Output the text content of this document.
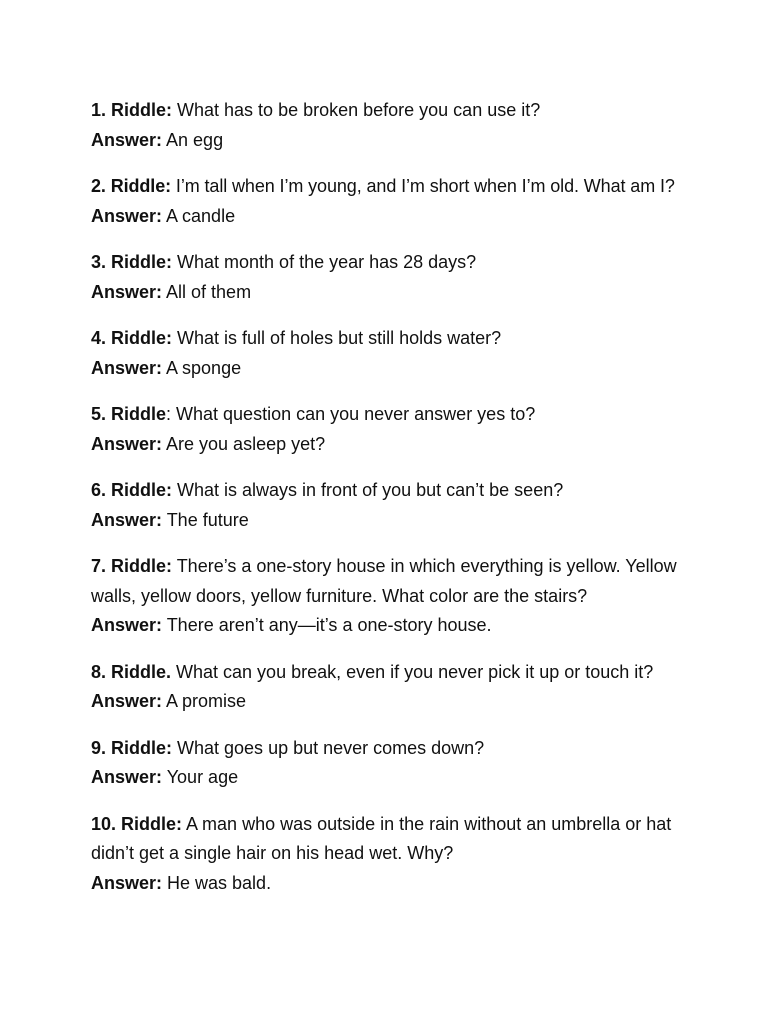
1. Riddle: What has to be broken before you can use it?
Answer: An egg
2. Riddle: I’m tall when I’m young, and I’m short when I’m old. What am I?
Answer: A candle
3. Riddle: What month of the year has 28 days?
Answer: All of them
4. Riddle: What is full of holes but still holds water?
Answer: A sponge
5. Riddle: What question can you never answer yes to?
Answer: Are you asleep yet?
6. Riddle: What is always in front of you but can’t be seen?
Answer: The future
7. Riddle: There’s a one-story house in which everything is yellow. Yellow walls, yellow doors, yellow furniture. What color are the stairs?
Answer: There aren’t any—it’s a one-story house.
8. Riddle. What can you break, even if you never pick it up or touch it?
Answer: A promise
9. Riddle: What goes up but never comes down?
Answer: Your age
10. Riddle: A man who was outside in the rain without an umbrella or hat didn’t get a single hair on his head wet. Why?
Answer: He was bald.
